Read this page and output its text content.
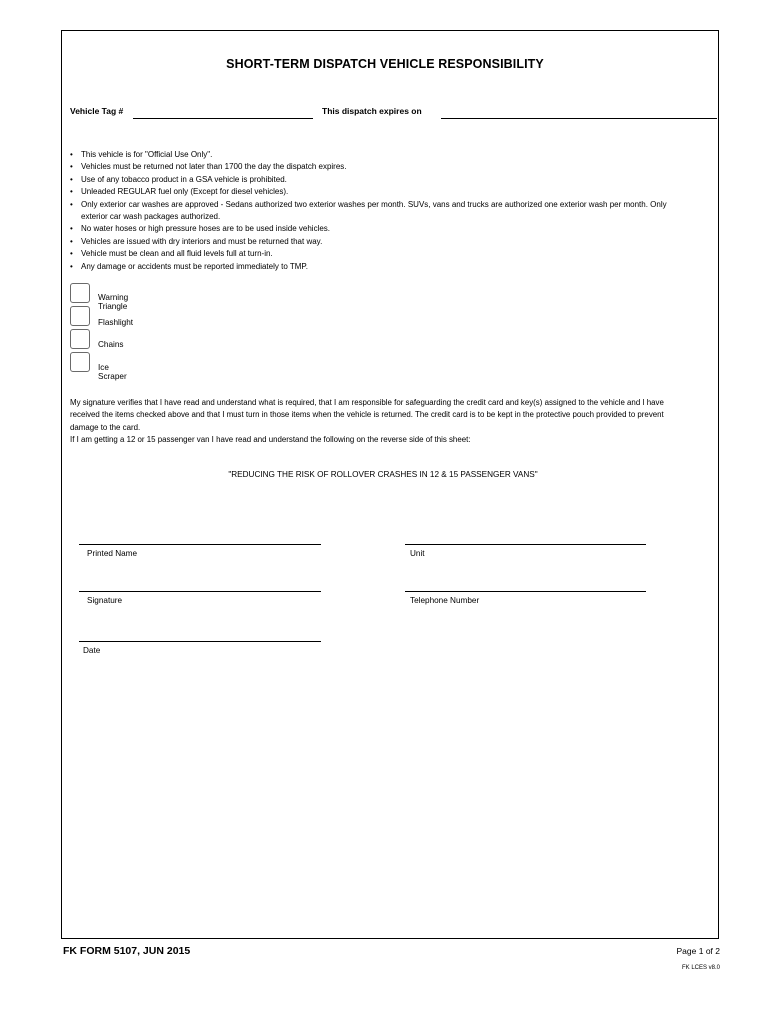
SHORT-TERM DISPATCH VEHICLE RESPONSIBILITY
Vehicle Tag #	This dispatch expires on
• This vehicle is for "Official Use Only".
• Vehicles must be returned not later than 1700 the day the dispatch expires.
• Use of any tobacco product in a GSA vehicle is prohibited.
• Unleaded REGULAR fuel only (Except for diesel vehicles).
• Only exterior car washes are approved - Sedans authorized two exterior washes per month. SUVs, vans and trucks are authorized one exterior wash per month. Only exterior car wash packages authorized.
• No water hoses or high pressure hoses are to be used inside vehicles.
• Vehicles are issued with dry interiors and must be returned that way.
• Vehicle must be clean and all fluid levels full at turn-in.
• Any damage or accidents must be reported immediately to TMP.
Warning Triangle
Flashlight
Chains
Ice Scraper
My signature verifies that I have read and understand what is required, that I am responsible for safeguarding the credit card and key(s) assigned to the vehicle and I have received the items checked above and that I must turn in those items when the vehicle is returned. The credit card is to be kept in the protective pouch provided to prevent damage to the card.
If I am getting a 12 or 15 passenger van I have read and understand the following on the reverse side of this sheet:
"REDUCING THE RISK OF ROLLOVER CRASHES IN 12 & 15 PASSENGER VANS"
Printed Name	Unit
Signature	Telephone Number
Date
FK FORM 5107, JUN 2015	Page 1 of 2
FK LCES v8.0
